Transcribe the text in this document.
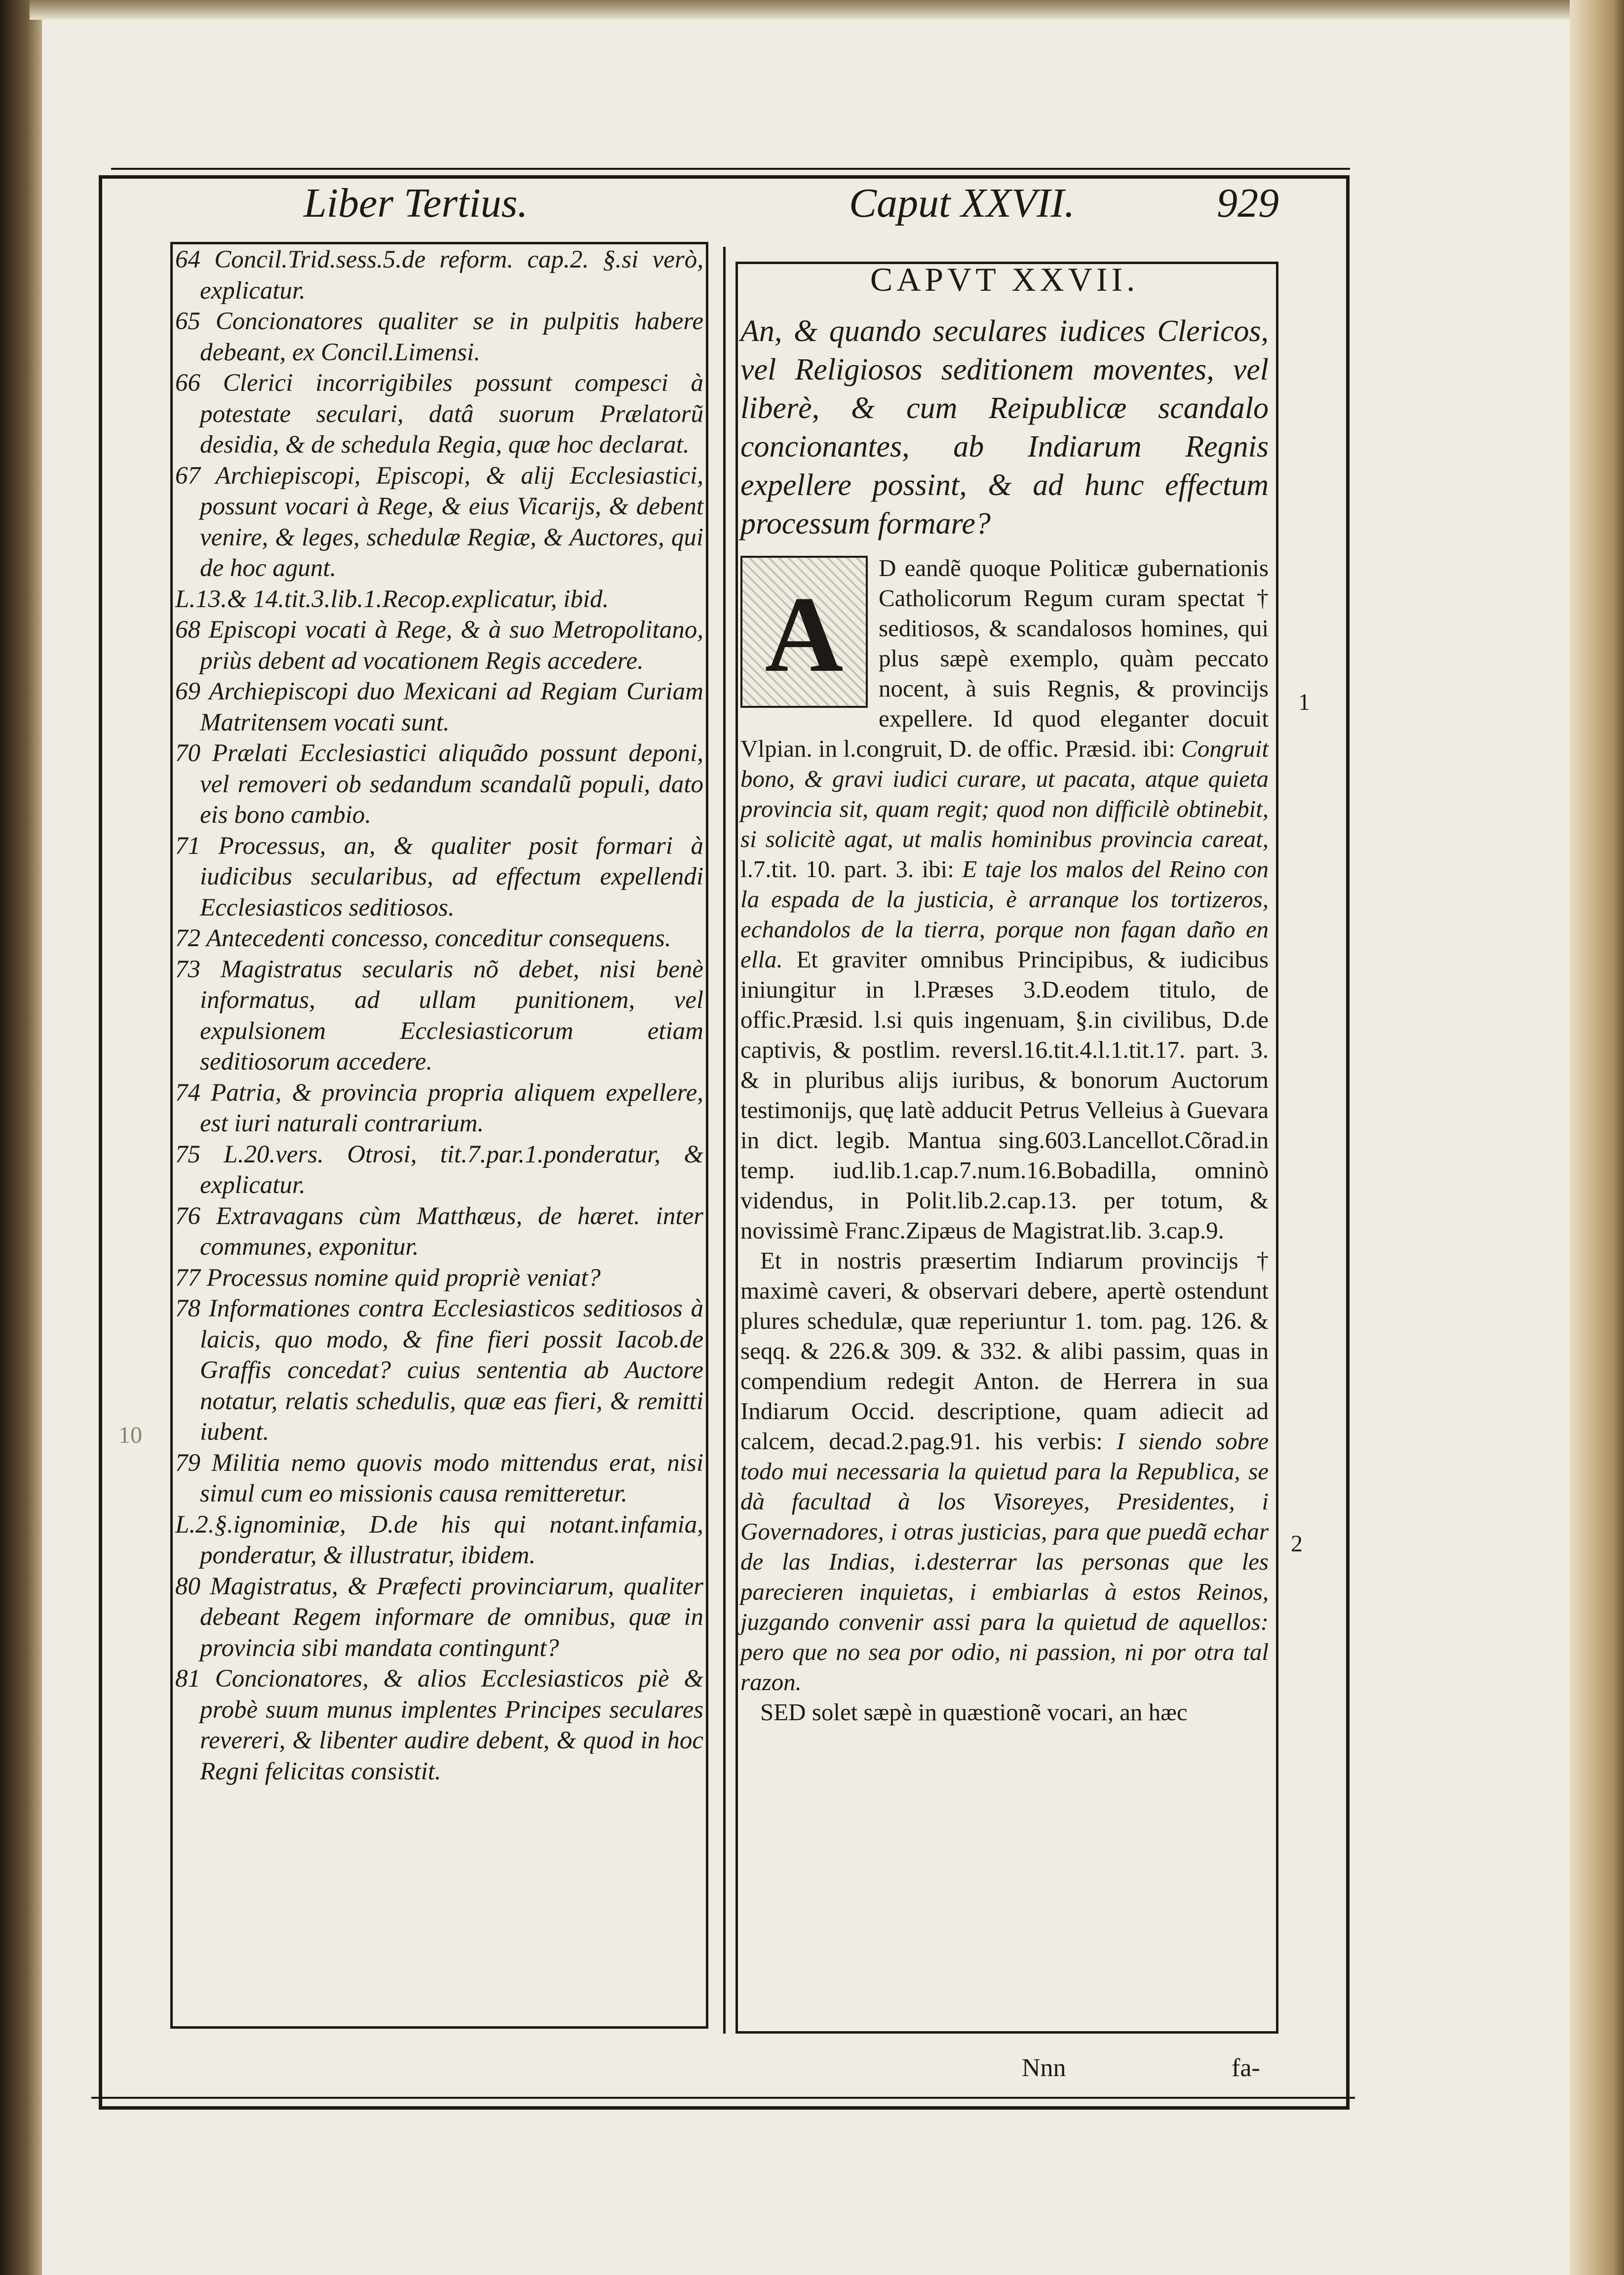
Liber Tertius.	Caput XXVII.	929

64 Concil.Trid.sess.5.de reform. cap.2. §.si verò, explicatur.

65 Concionatores qualiter se in pulpitis habere debeant, ex Concil.Limensi.

66 Clerici incorrigibiles possunt compesci à potestate seculari, datâ suorum Prælatorũ desidia, & de schedula Regia, quæ hoc declarat.

67 Archiepiscopi, Episcopi, & alij Ecclesiastici, possunt vocari à Rege, & eius Vicarijs, & debent venire, & leges, schedulæ Regiæ, & Auctores, qui de hoc agunt.

L.13.& 14.tit.3.lib.1.Recop.explicatur, ibid.

68 Episcopi vocati à Rege, & à suo Metropolitano, priùs debent ad vocationem Regis accedere.

69 Archiepiscopi duo Mexicani ad Regiam Curiam Matritensem vocati sunt.

70 Prælati Ecclesiastici aliquãdo possunt deponi, vel removeri ob sedandum scandalũ populi, dato eis bono cambio.

71 Processus, an, & qualiter posit formari à iudicibus secularibus, ad effectum expellendi Ecclesiasticos seditiosos.

72 Antecedenti concesso, conceditur consequens.

73 Magistratus secularis nõ debet, nisi benè informatus, ad ullam punitionem, vel expulsionem Ecclesiasticorum etiam seditiosorum accedere.

74 Patria, & provincia propria aliquem expellere, est iuri naturali contrarium.

75 L.20.vers. Otrosi, tit.7.par.1.ponderatur, & explicatur.

76 Extravagans cùm Matthæus, de hæret. inter communes, exponitur.

77 Processus nomine quid propriè veniat?

78 Informationes contra Ecclesiasticos seditiosos à laicis, quo modo, & fine fieri possit Iacob.de Graffis concedat? cuius sententia ab Auctore notatur, relatis schedulis, quæ eas fieri, & remitti iubent.

79 Militia nemo quovis modo mittendus erat, nisi simul cum eo missionis causa remitteretur.

L.2.§.ignominiæ, D.de his qui notant.infamia, ponderatur, & illustratur, ibidem.

80 Magistratus, & Præfecti provinciarum, qualiter debeant Regem informare de omnibus, quæ in provincia sibi mandata contingunt?

81 Concionatores, & alios Ecclesiasticos piè & probè suum munus implentes Principes seculares revereri, & libenter audire debent, & quod in hoc Regni felicitas consistit.

CAPVT XXVII.

An, & quando seculares iudices Clericos, vel Religiosos seditionem moventes, vel liberè, & cum Reipublicæ scandalo concionantes, ab Indiarum Regnis expellere possint, & ad hunc effectum processum formare?

A
D eandẽ quoque Politicæ gubernationis Catholicorum Regum curam spectat † seditiosos, & scandalosos homines, qui plus sæpè exemplo, quàm peccato nocent, à suis Regnis, & provincijs expellere. Id quod eleganter docuit Vlpian. in l.congruit, D. de offic. Præsid. ibi: Congruit bono, & gravi iudici curare, ut pacata, atque quieta provincia sit, quam regit; quod non difficilè obtinebit, si solicitè agat, ut malis hominibus provincia careat, l.7.tit. 10. part. 3. ibi: E taje los malos del Reino con la espada de la justicia, è arranque los tortizeros, echandolos de la tierra, porque non fagan daño en ella. Et graviter omnibus Principibus, & iudicibus iniungitur in l.Præses 3.D.eodem titulo, de offic.Præsid. l.si quis ingenuam, §.in civilibus, D.de captivis, & postlim. reversl.16.tit.4.l.1.tit.17. part. 3. & in pluribus alijs iuribus, & bonorum Auctorum testimonijs, quę latè adducit Petrus Velleius à Guevara in dict. legib. Mantua sing.603.Lancellot.Cõrad.in temp. iud.lib.1.cap.7.num.16.Bobadilla, omninò videndus, in Polit.lib.2.cap.13. per totum, & novissimè Franc.Zipæus de Magistrat.lib. 3.cap.9.

Et in nostris præsertim Indiarum provincijs † maximè caveri, & observari debere, apertè ostendunt plures schedulæ, quæ reperiuntur 1. tom. pag. 126. & seqq. & 226.& 309. & 332. & alibi passim, quas in compendium redegit Anton. de Herrera in sua Indiarum Occid. descriptione, quam adiecit ad calcem, decad.2.pag.91. his verbis: I siendo sobre todo mui necessaria la quietud para la Republica, se dà facultad à los Visoreyes, Presidentes, i Governadores, i otras justicias, para que puedã echar de las Indias, i.desterrar las personas que les parecieren inquietas, i embiarlas à estos Reinos, juzgando convenir assi para la quietud de aquellos: pero que no sea por odio, ni passion, ni por otra tal razon.

SED solet sæpè in quæstionẽ vocari, an hæc

1
2
10
Nnn	fa-
